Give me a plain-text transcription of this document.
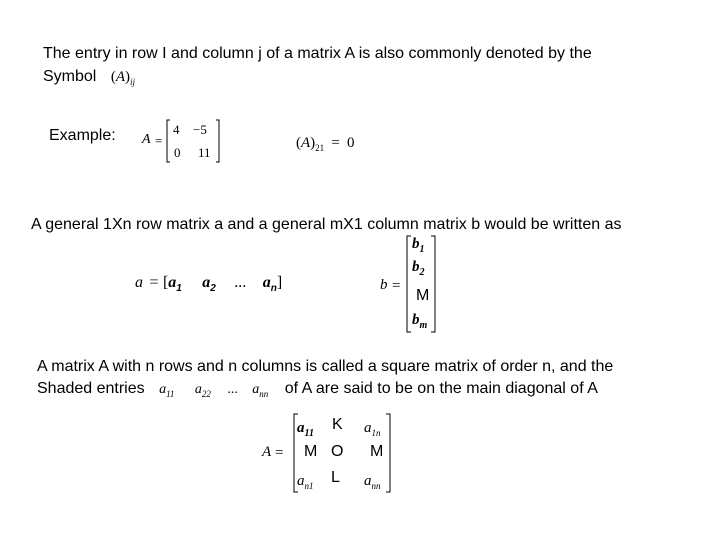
The entry in row I and column j of a matrix A is also commonly denoted by the
Symbol $(A)_{ij}$
Example: A =
4 −5
0 11
$(A)_{21} = 0$
A general 1Xn row matrix a and a general mX1 column matrix b would be written as
$a = [a_1$ $a_2$ ... $a_n$]	b =
$b_1$
$b_2$
M
$b_m$
A matrix A with n rows and n columns is called a square matrix of order n, and the
Shaded entries $a_{11}$ $a_{22}$ ... $a_{nn}$ of A are said to be on the main diagonal of A
A =
$a_{11}$
K $a_{1n}$
M O M
$a_{n1}$ L $a_{nn}$
